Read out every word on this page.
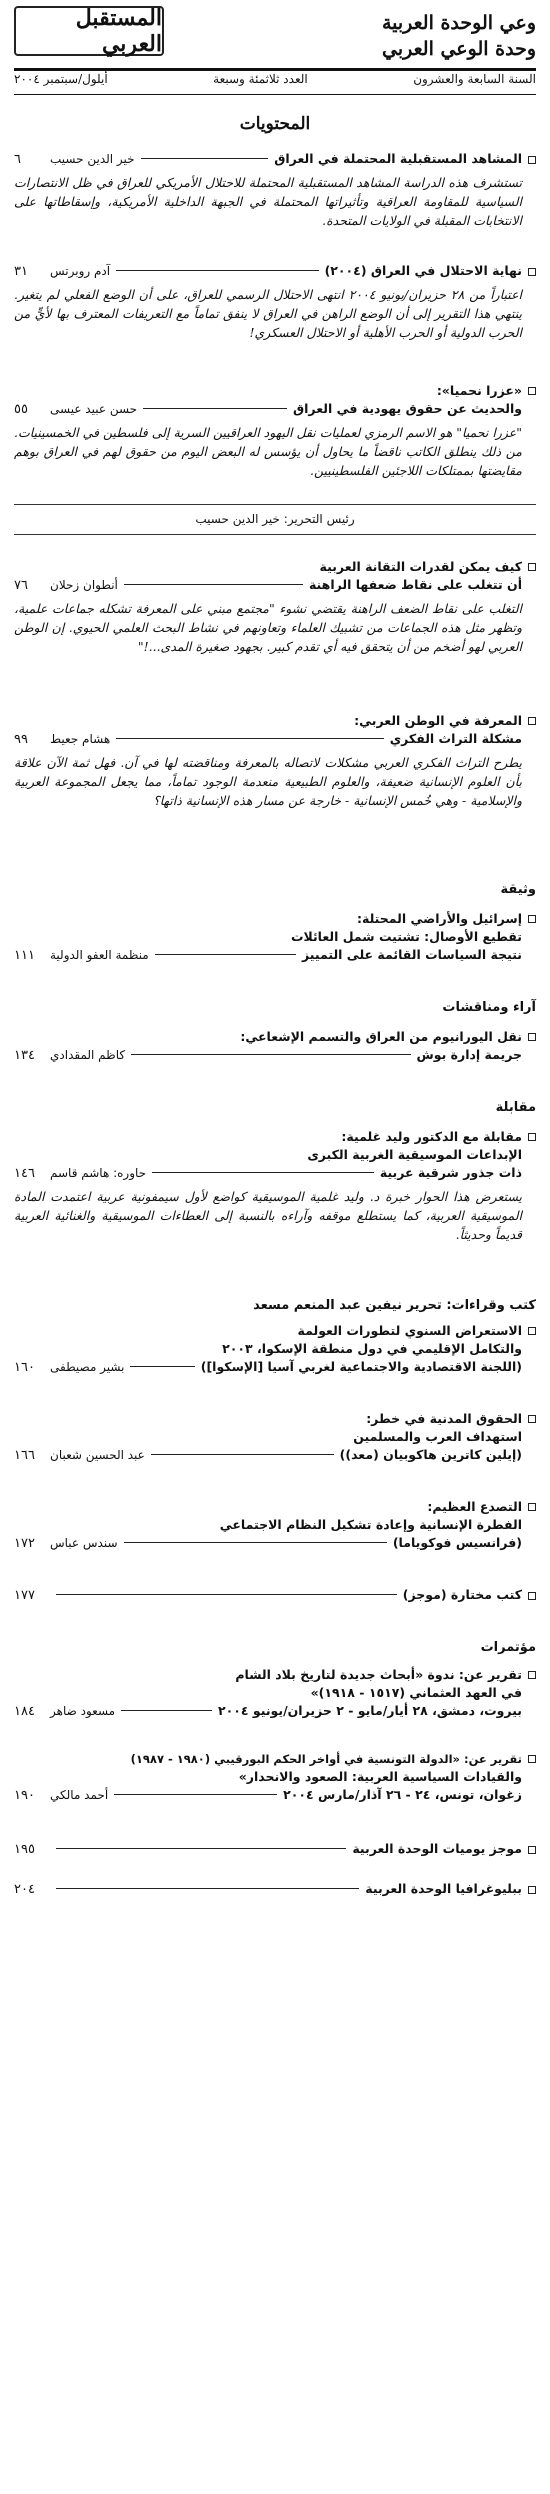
وعي الوحدة العربية
وحدة الوعي العربي
المستقبل العربي
السنة السابعة والعشرون
العدد ثلاثمئة وسبعة
أيلول/سبتمبر ٢٠٠٤
المحتويات
المشاهد المستقبلية المحتملة في العراق
خير الدين حسيب
٦
تستشرف هذه الدراسة المشاهد المستقبلية المحتملة للاحتلال الأمريكي للعراق في ظل الانتصارات السياسية للمقاومة العراقية وتأثيراتها المحتملة في الجبهة الداخلية الأمريكية، وإسقاطاتها على الانتخابات المقبلة في الولايات المتحدة.
نهاية الاحتلال في العراق (٢٠٠٤)
آدم روبرتس
٣١
اعتباراً من ٢٨ حزيران/يونيو ٢٠٠٤ انتهى الاحتلال الرسمي للعراق، على أن الوضع الفعلي لم يتغير. ينتهي هذا التقرير إلى أن الوضع الراهن في العراق لا ينفق تماماً مع التعريفات المعترف بها لأيٍّ من الحرب الدولية أو الحرب الأهلية أو الاحتلال العسكري!
«عزرا نحميا»:
والحديث عن حقوق يهودية في العراق
حسن عبيد عيسى
٥٥
"عزرا نحميا" هو الاسم الرمزي لعمليات نقل اليهود العراقيين السرية إلى فلسطين في الخمسينيات. من ذلك ينطلق الكاتب ناقضاً ما يحاول أن يؤسس له البعض اليوم من حقوق لهم في العراق بوهم مقايضتها بممتلكات اللاجئين الفلسطينيين.
رئيس التحرير: خير الدين حسيب
كيف يمكن لقدرات التقانة العربية
أن تتغلب على نقاط ضعفها الراهنة
أنطوان زحلان
٧٦
التغلب على نقاط الضعف الراهنة يقتضي نشوء "مجتمع مبني على المعرفة تشكله جماعات علمية، وتظهر مثل هذه الجماعات من تشبيك العلماء وتعاونهم في نشاط البحث العلمي الحيوي. إن الوطن العربي لهو أضخم من أن يتحقق فيه أي تقدم كبير. بجهود صغيرة المدى...!"
المعرفة في الوطن العربي:
مشكلة التراث الفكري
هشام جعيط
٩٩
يطرح التراث الفكري العربي مشكلات لاتصاله بالمعرفة ومناقضته لها في آن. فهل ثمة الآن علاقة بأن العلوم الإنسانية ضعيفة، والعلوم الطبيعية منعدمة الوجود تماماً، مما يجعل المجموعة العربية والإسلامية - وهي خُمس الإنسانية - خارجة عن مسار هذه الإنسانية ذاتها؟
وثيقة
إسرائيل والأراضي المحتلة:
تقطيع الأوصال: تشتيت شمل العائلات
نتيجة السياسات القائمة على التمييز
منظمة العفو الدولية
١١١
آراء ومناقشات
نقل اليورانيوم من العراق والتسمم الإشعاعي:
جريمة إدارة بوش
كاظم المقدادي
١٣٤
مقابلة
مقابلة مع الدكتور وليد غلمية:
الإبداعات الموسيقية الغربية الكبرى
ذات جذور شرقية عربية
حاوره: هاشم قاسم
١٤٦
يستعرض هذا الحوار خبرة د. وليد غلمية الموسيقية كواضع لأول سيمفونية عربية اعتمدت المادة الموسيقية العربية، كما يستطلع موقفه وآراءه بالنسبة إلى العطاءات الموسيقية والغنائية العربية قديماً وحديثاً.
كتب وقراءات: تحرير نيفين عبد المنعم مسعد
الاستعراض السنوي لتطورات العولمة
والتكامل الإقليمي في دول منطقة الإسكوا، ٢٠٠٣
(اللجنة الاقتصادية والاجتماعية لغربي آسيا [الإسكوا])
بشير مصيطفى
١٦٠
الحقوق المدنية في خطر:
استهداف العرب والمسلمين
(إيلين كاترين هاكوبيان (معد))
عبد الحسين شعبان
١٦٦
التصدع العظيم:
الفطرة الإنسانية وإعادة تشكيل النظام الاجتماعي
(فرانسيس فوكوياما)
سندس عباس
١٧٢
كتب مختارة (موجز)
١٧٧
مؤتمرات
تقرير عن: ندوة «أبحاث جديدة لتاريخ بلاد الشام
في العهد العثماني (١٥١٧ - ١٩١٨)»
بيروت، دمشق، ٢٨ أيار/مايو - ٢ حزيران/يونيو ٢٠٠٤
مسعود ضاهر
١٨٤
تقرير عن: «الدولة التونسية في أواخر الحكم البورقيبي (١٩٨٠ - ١٩٨٧)
والقيادات السياسية العربية: الصعود والانحدار»
زغوان، تونس، ٢٤ - ٢٦ آذار/مارس ٢٠٠٤
أحمد مالكي
١٩٠
موجز يوميات الوحدة العربية
١٩٥
ببليوغرافيا الوحدة العربية
٢٠٤
